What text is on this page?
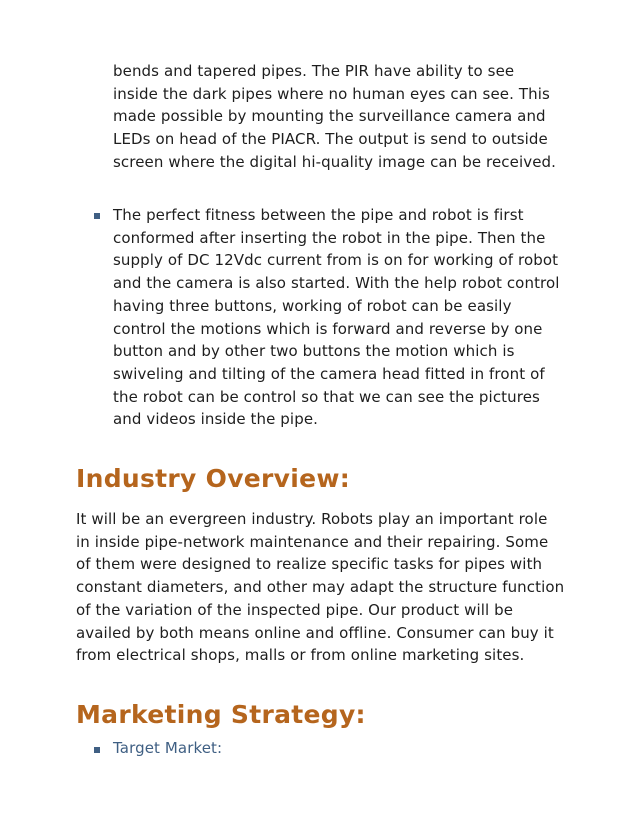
bends and tapered pipes. The PIR have ability to see inside the dark pipes where no human eyes can see. This made possible by mounting the surveillance camera and LEDs on head of the PIACR. The output is send to outside screen where the digital hi-quality image can be received.

The perfect fitness between the pipe and robot is first conformed after inserting the robot in the pipe. Then the supply of DC 12Vdc current from is on for working of robot and the camera is also started. With the help robot control having three buttons, working of robot can be easily control the motions which is forward and reverse by one button and by other two buttons the motion which is swiveling and tilting of the camera head fitted in front of the robot can be control so that we can see the pictures and videos inside the pipe.

Industry Overview:

It will be an evergreen industry. Robots play an important role in inside pipe-network maintenance and their repairing. Some of them were designed to realize specific tasks for pipes with constant diameters, and other may adapt the structure function of the variation of the inspected pipe. Our product will be availed by both means online and offline. Consumer can buy it from electrical shops, malls or from online marketing sites.

Marketing Strategy:

Target Market:
